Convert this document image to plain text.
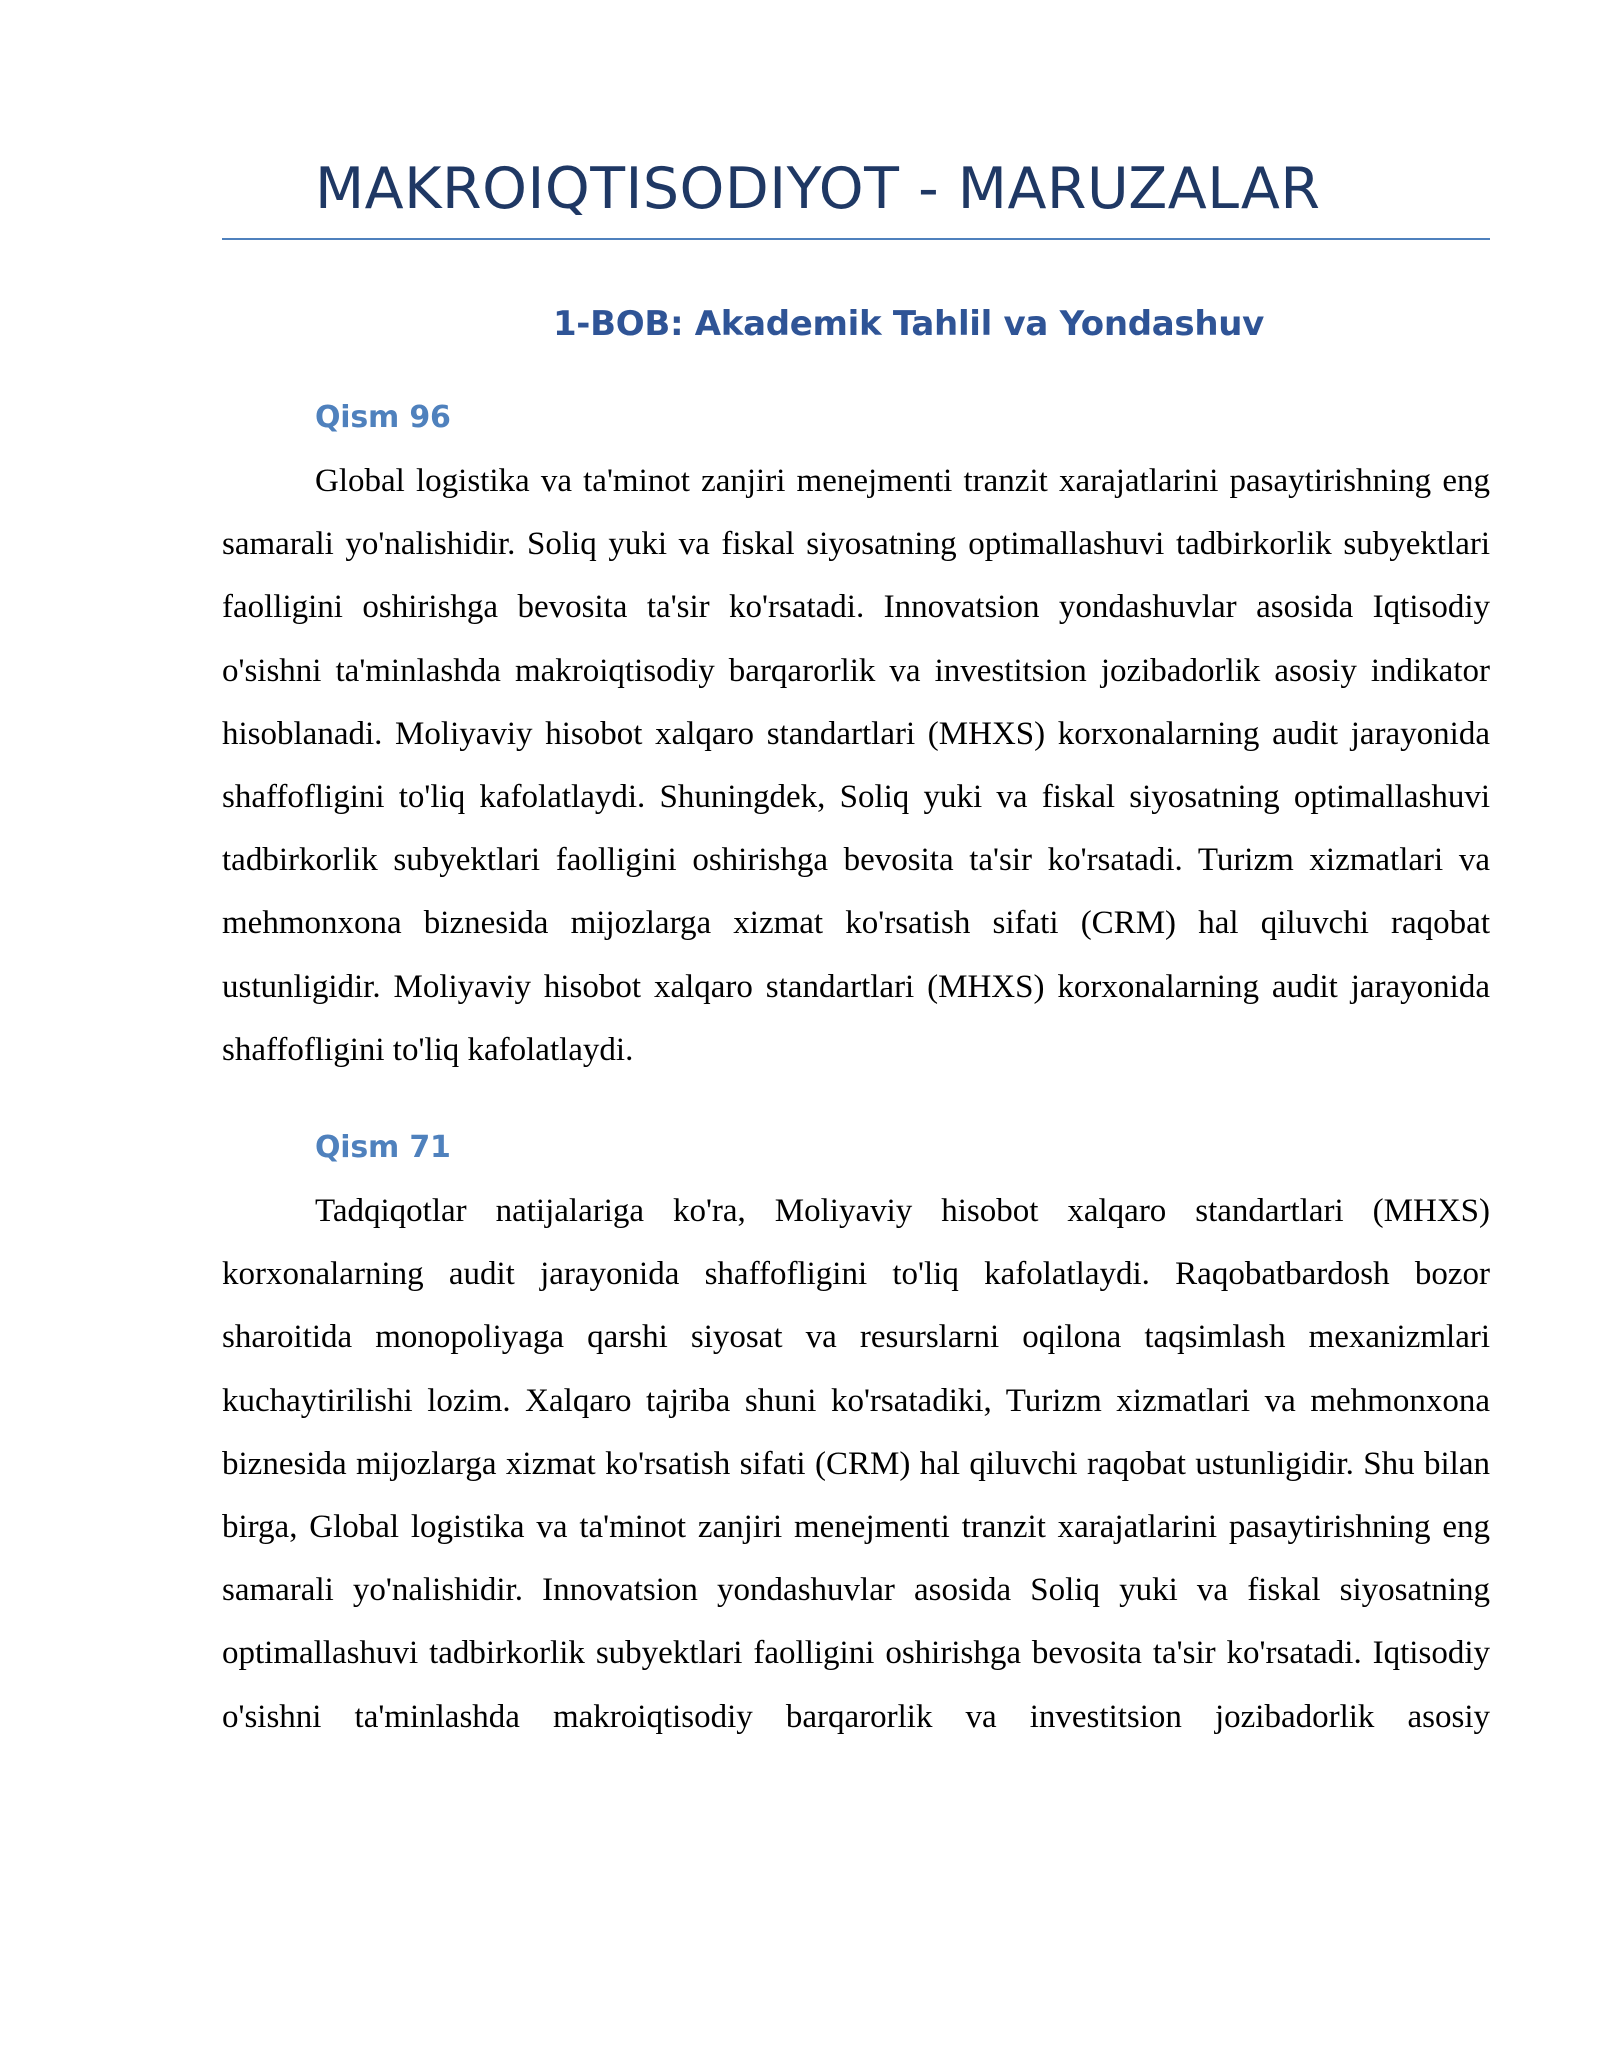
MAKROIQTISODIYOT - MARUZALAR
1-BOB: Akademik Tahlil va Yondashuv
Qism 96

Global logistika va ta'minot zanjiri menejmenti tranzit xarajatlarini pasaytirishning eng samarali yo'nalishidir. Soliq yuki va fiskal siyosatning optimallashuvi tadbirkorlik subyektlari faolligini oshirishga bevosita ta'sir ko'rsatadi. Innovatsion yondashuvlar asosida Iqtisodiy o'sishni ta'minlashda makroiqtisodiy barqarorlik va investitsion jozibadorlik asosiy indikator hisoblanadi. Moliyaviy hisobot xalqaro standartlari (MHXS) korxonalarning audit jarayonida shaffofligini to'liq kafolatlaydi. Shuningdek, Soliq yuki va fiskal siyosatning optimallashuvi tadbirkorlik subyektlari faolligini oshirishga bevosita ta'sir ko'rsatadi. Turizm xizmatlari va mehmonxona biznesida mijozlarga xizmat ko'rsatish sifati (CRM) hal qiluvchi raqobat ustunligidir. Moliyaviy hisobot xalqaro standartlari (MHXS) korxonalarning audit jarayonida shaffofligini to'liq kafolatlaydi.

Qism 71

Tadqiqotlar natijalariga ko'ra, Moliyaviy hisobot xalqaro standartlari (MHXS) korxonalarning audit jarayonida shaffofligini to'liq kafolatlaydi. Raqobatbardosh bozor sharoitida monopoliyaga qarshi siyosat va resurslarni oqilona taqsimlash mexanizmlari kuchaytirilishi lozim. Xalqaro tajriba shuni ko'rsatadiki, Turizm xizmatlari va mehmonxona biznesida mijozlarga xizmat ko'rsatish sifati (CRM) hal qiluvchi raqobat ustunligidir. Shu bilan birga, Global logistika va ta'minot zanjiri menejmenti tranzit xarajatlarini pasaytirishning eng samarali yo'nalishidir. Innovatsion yondashuvlar asosida Soliq yuki va fiskal siyosatning optimallashuvi tadbirkorlik subyektlari faolligini oshirishga bevosita ta'sir ko'rsatadi. Iqtisodiy o'sishni ta'minlashda makroiqtisodiy barqarorlik va investitsion jozibadorlik asosiy
